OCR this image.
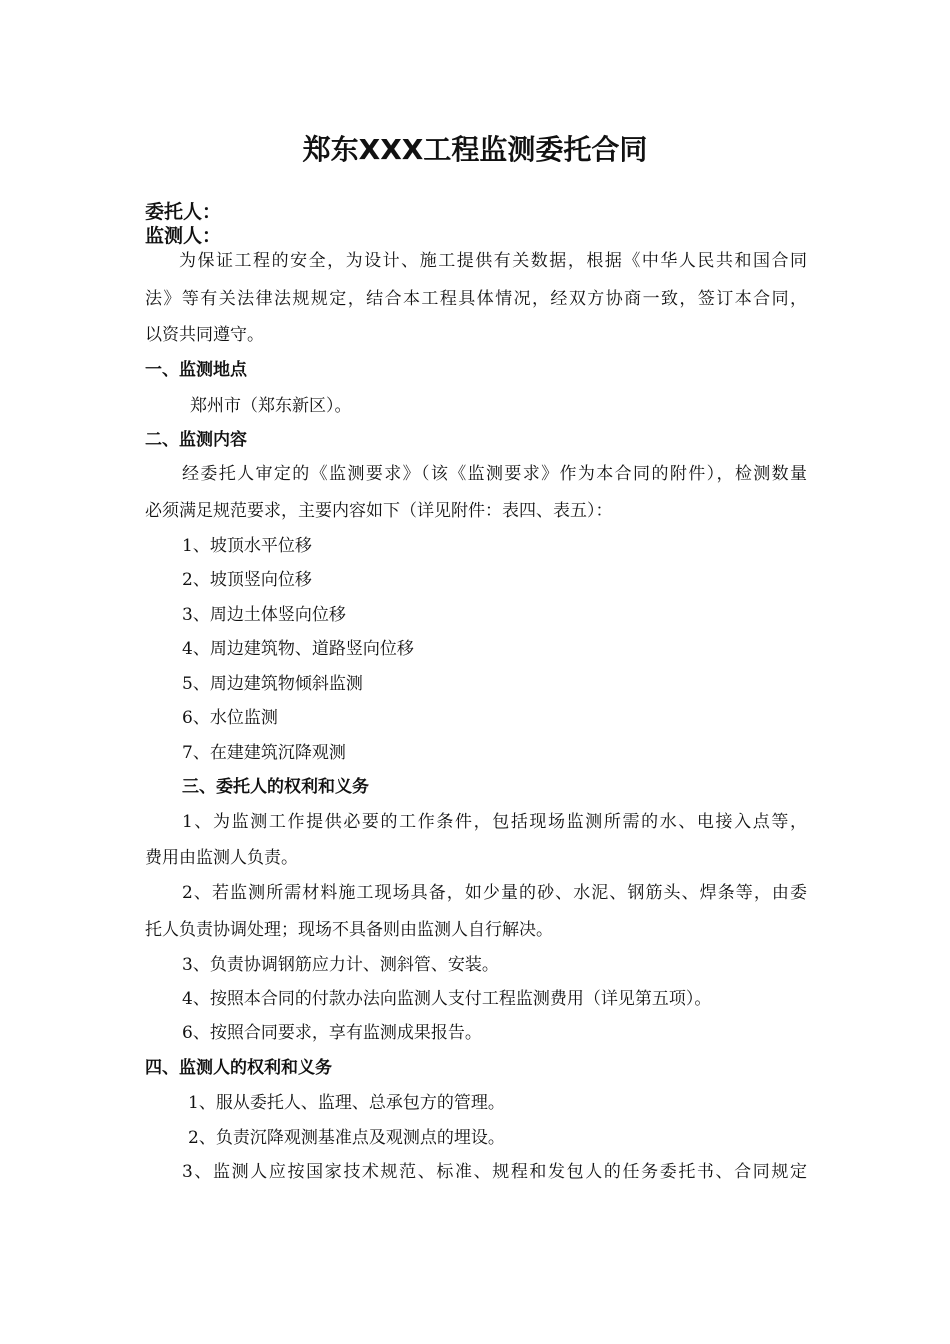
郑东XXX工程监测委托合同
委托人：
监测人：
为保证工程的安全，为设计、施工提供有关数据，根据《中华人民共和国合同
法》等有关法律法规规定，结合本工程具体情况，经双方协商一致，签订本合同，
以资共同遵守。
一、监测地点
郑州市（郑东新区）。
二、监测内容
经委托人审定的《监测要求》（该《监测要求》作为本合同的附件），检测数量
必须满足规范要求，主要内容如下（详见附件：表四、表五）：
1、坡顶水平位移
2、坡顶竖向位移
3、周边土体竖向位移
4、周边建筑物、道路竖向位移
5、周边建筑物倾斜监测
6、水位监测
7、在建建筑沉降观测
三、委托人的权利和义务
1、为监测工作提供必要的工作条件，包括现场监测所需的水、电接入点等，
费用由监测人负责。
2、若监测所需材料施工现场具备，如少量的砂、水泥、钢筋头、焊条等，由委
托人负责协调处理；现场不具备则由监测人自行解决。
3、负责协调钢筋应力计、测斜管、安装。
4、按照本合同的付款办法向监测人支付工程监测费用（详见第五项）。
6、按照合同要求，享有监测成果报告。
四、监测人的权利和义务
1、服从委托人、监理、总承包方的管理。
2、负责沉降观测基准点及观测点的埋设。
3、监测人应按国家技术规范、标准、规程和发包人的任务委托书、合同规定
